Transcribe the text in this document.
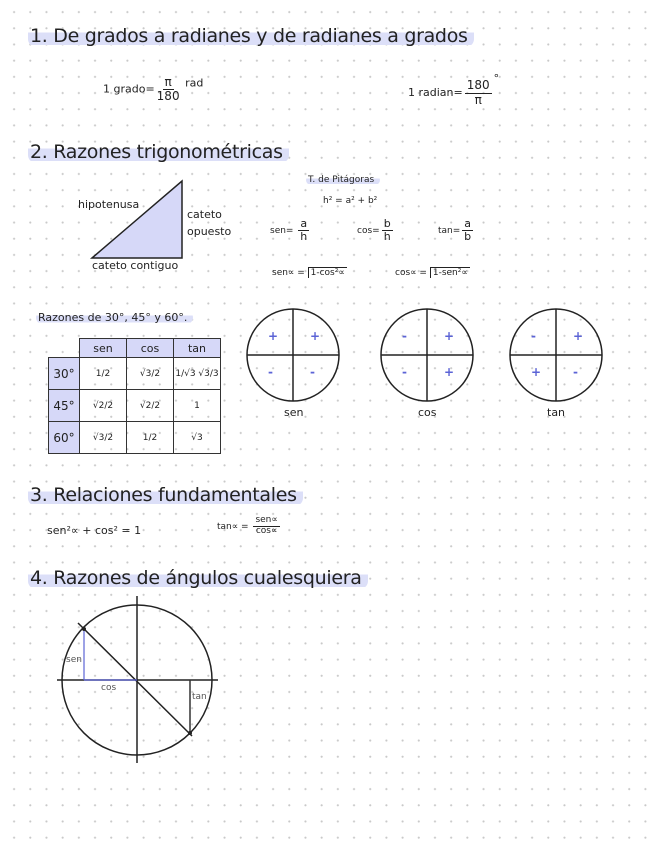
1. De grados a radianes y de radianes a grados
1 grado= $\frac{\pi}{180}$ rad
1 radian= $\frac{180}{\pi}$
°
2. Razones trigonométricas
hipotenusa
cateto
opuesto
cateto contiguo
T. de Pitágoras
h² = a² + b²
$sen= \frac{a}{h}$	$\cos= \frac{b}{h}$	$\tan= \frac{a}{b}$
sen∝ = 1-cos²∝	cos∝ = 1-sen²∝
Razones de 30°, 45° y 60°.
	sen	cos	tan
30°	1/2	√3/2	1/√3 √3/3
45°	√2/2	√2/2	1
60°	√3/2	1/2	√3
+	+
-	-
sen
-	+
-	+
cos
-	+
+	-
tan
3. Relaciones fundamentales
sen²∝ + cos² = 1	$\tan\propto = \frac{\text{sen∝}}{\cos\propto}$
4. Razones de ángulos cualesquiera
sen
cos
tan
